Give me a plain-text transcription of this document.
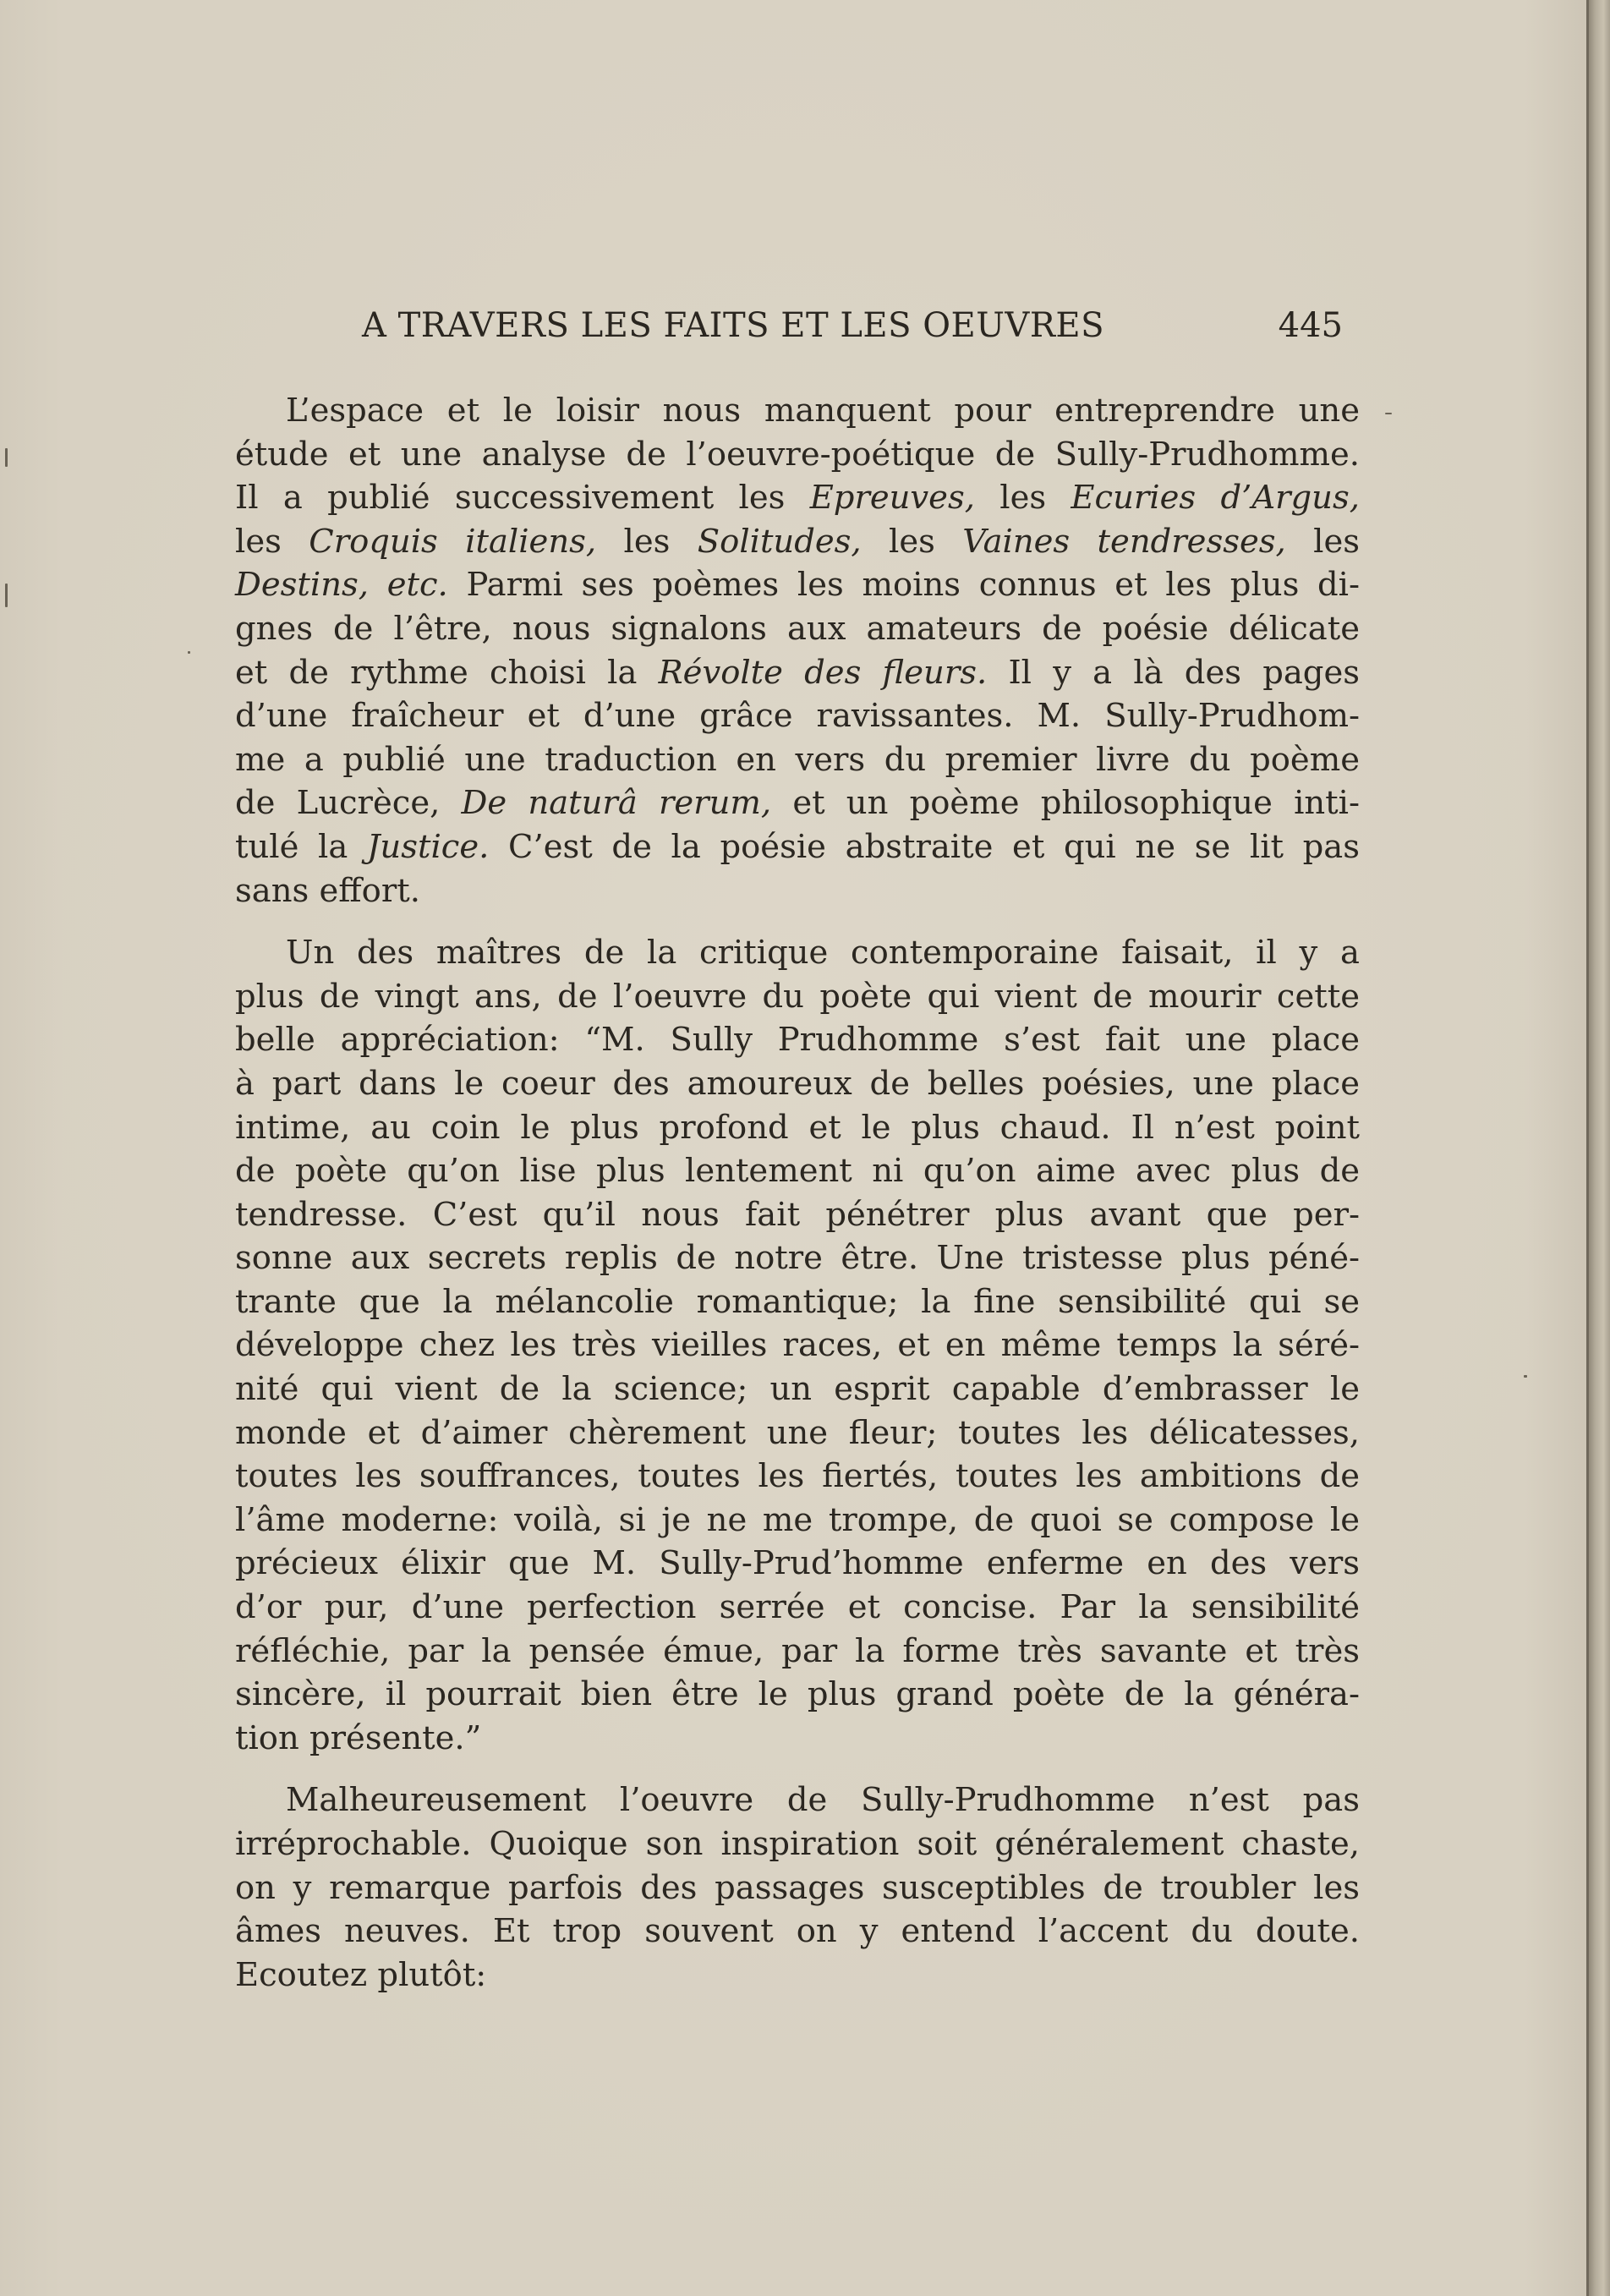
A TRAVERS LES FAITS ET LES OEUVRES	445

L’espace et le loisir nous manquent pour entreprendre une

étude et une analyse de l’oeuvre-poétique de Sully-Prudhomme.

Il a publié successivement les Epreuves, les Ecuries d’Argus,

les Croquis italiens, les Solitudes, les Vaines tendresses, les

Destins, etc. Parmi ses poèmes les moins connus et les plus di-

gnes de l’être, nous signalons aux amateurs de poésie délicate

et de rythme choisi la Révolte des fleurs. Il y a là des pages

d’une fraîcheur et d’une grâce ravissantes. M. Sully-Prudhom-

me a publié une traduction en vers du premier livre du poème

de Lucrèce, De naturâ rerum, et un poème philosophique inti-

tulé la Justice. C’est de la poésie abstraite et qui ne se lit pas

sans effort.

Un des maîtres de la critique contemporaine faisait, il y a

plus de vingt ans, de l’oeuvre du poète qui vient de mourir cette

belle appréciation: “M. Sully Prudhomme s’est fait une place

à part dans le coeur des amoureux de belles poésies, une place

intime, au coin le plus profond et le plus chaud. Il n’est point

de poète qu’on lise plus lentement ni qu’on aime avec plus de

tendresse. C’est qu’il nous fait pénétrer plus avant que per-

sonne aux secrets replis de notre être. Une tristesse plus péné-

trante que la mélancolie romantique; la fine sensibilité qui se

développe chez les très vieilles races, et en même temps la séré-

nité qui vient de la science; un esprit capable d’embrasser le

monde et d’aimer chèrement une fleur; toutes les délicatesses,

toutes les souffrances, toutes les fiertés, toutes les ambitions de

l’âme moderne: voilà, si je ne me trompe, de quoi se compose le

précieux élixir que M. Sully-Prud’homme enferme en des vers

d’or pur, d’une perfection serrée et concise. Par la sensibilité

réfléchie, par la pensée émue, par la forme très savante et très

sincère, il pourrait bien être le plus grand poète de la généra-

tion présente.”

Malheureusement l’oeuvre de Sully-Prudhomme n’est pas

irréprochable. Quoique son inspiration soit généralement chaste,

on y remarque parfois des passages susceptibles de troubler les

âmes neuves. Et trop souvent on y entend l’accent du doute.

Ecoutez plutôt:
